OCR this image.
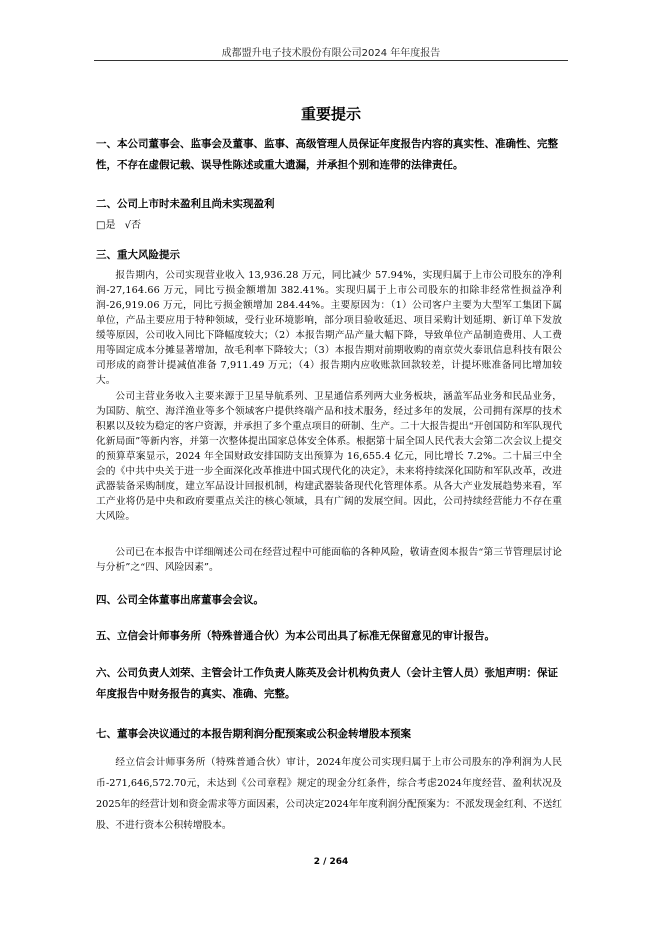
成都盟升电子技术股份有限公司2024 年年度报告
重要提示
一、本公司董事会、监事会及董事、监事、高级管理人员保证年度报告内容的真实性、准确性、完整性，不存在虚假记载、误导性陈述或重大遗漏，并承担个别和连带的法律责任。
二、公司上市时未盈利且尚未实现盈利
□是 √否
三、重大风险提示
报告期内，公司实现营业收入 13,936.28 万元，同比减少 57.94%，实现归属于上市公司股东的净利润-27,164.66 万元，同比亏损金额增加 382.41%。实现归属于上市公司股东的扣除非经常性损益净利润-26,919.06 万元，同比亏损金额增加 284.44%。主要原因为：（1）公司客户主要为大型军工集团下属单位，产品主要应用于特种领域，受行业环境影响，部分项目验收延迟、项目采购计划延期、新订单下发放缓等原因，公司收入同比下降幅度较大；（2）本报告期产品产量大幅下降，导致单位产品制造费用、人工费用等固定成本分摊显著增加，故毛利率下降较大；（3）本报告期对前期收购的南京荧火泰讯信息科技有限公司形成的商誉计提减值准备 7,911.49 万元；（4）报告期内应收账款回款较差，计提坏账准备同比增加较大。
公司主营业务收入主要来源于卫星导航系列、卫星通信系列两大业务板块，涵盖军品业务和民品业务，为国防、航空、海洋渔业等多个领域客户提供终端产品和技术服务，经过多年的发展，公司拥有深厚的技术积累以及较为稳定的客户资源，并承担了多个重点项目的研制、生产。二十大报告提出“开创国防和军队现代化新局面”等新内容，并第一次整体提出国家总体安全体系。根据第十届全国人民代表大会第二次会议上提交的预算草案显示，2024 年全国财政安排国防支出预算为 16,655.4 亿元，同比增长 7.2%。二十届三中全会的《中共中央关于进一步全面深化改革推进中国式现代化的决定》，未来将持续深化国防和军队改革，改进武器装备采购制度，建立军品设计回报机制，构建武器装备现代化管理体系。从各大产业发展趋势来看，军工产业将仍是中央和政府要重点关注的核心领域，具有广阔的发展空间。因此，公司持续经营能力不存在重大风险。
公司已在本报告中详细阐述公司在经营过程中可能面临的各种风险，敬请查阅本报告“第三节管理层讨论与分析”之“四、风险因素”。
四、公司全体董事出席董事会会议。
五、立信会计师事务所（特殊普通合伙）为本公司出具了标准无保留意见的审计报告。
六、公司负责人刘荣、主管会计工作负责人陈英及会计机构负责人（会计主管人员）张旭声明：保证年度报告中财务报告的真实、准确、完整。
七、董事会决议通过的本报告期利润分配预案或公积金转增股本预案
经立信会计师事务所（特殊普通合伙）审计，2024年度公司实现归属于上市公司股东的净利润为人民币-271,646,572.70元，未达到《公司章程》规定的现金分红条件，综合考虑2024年度经营、盈利状况及2025年的经营计划和资金需求等方面因素，公司决定2024年年度利润分配预案为：不派发现金红利、不送红股、不进行资本公积转增股本。
2 / 264
